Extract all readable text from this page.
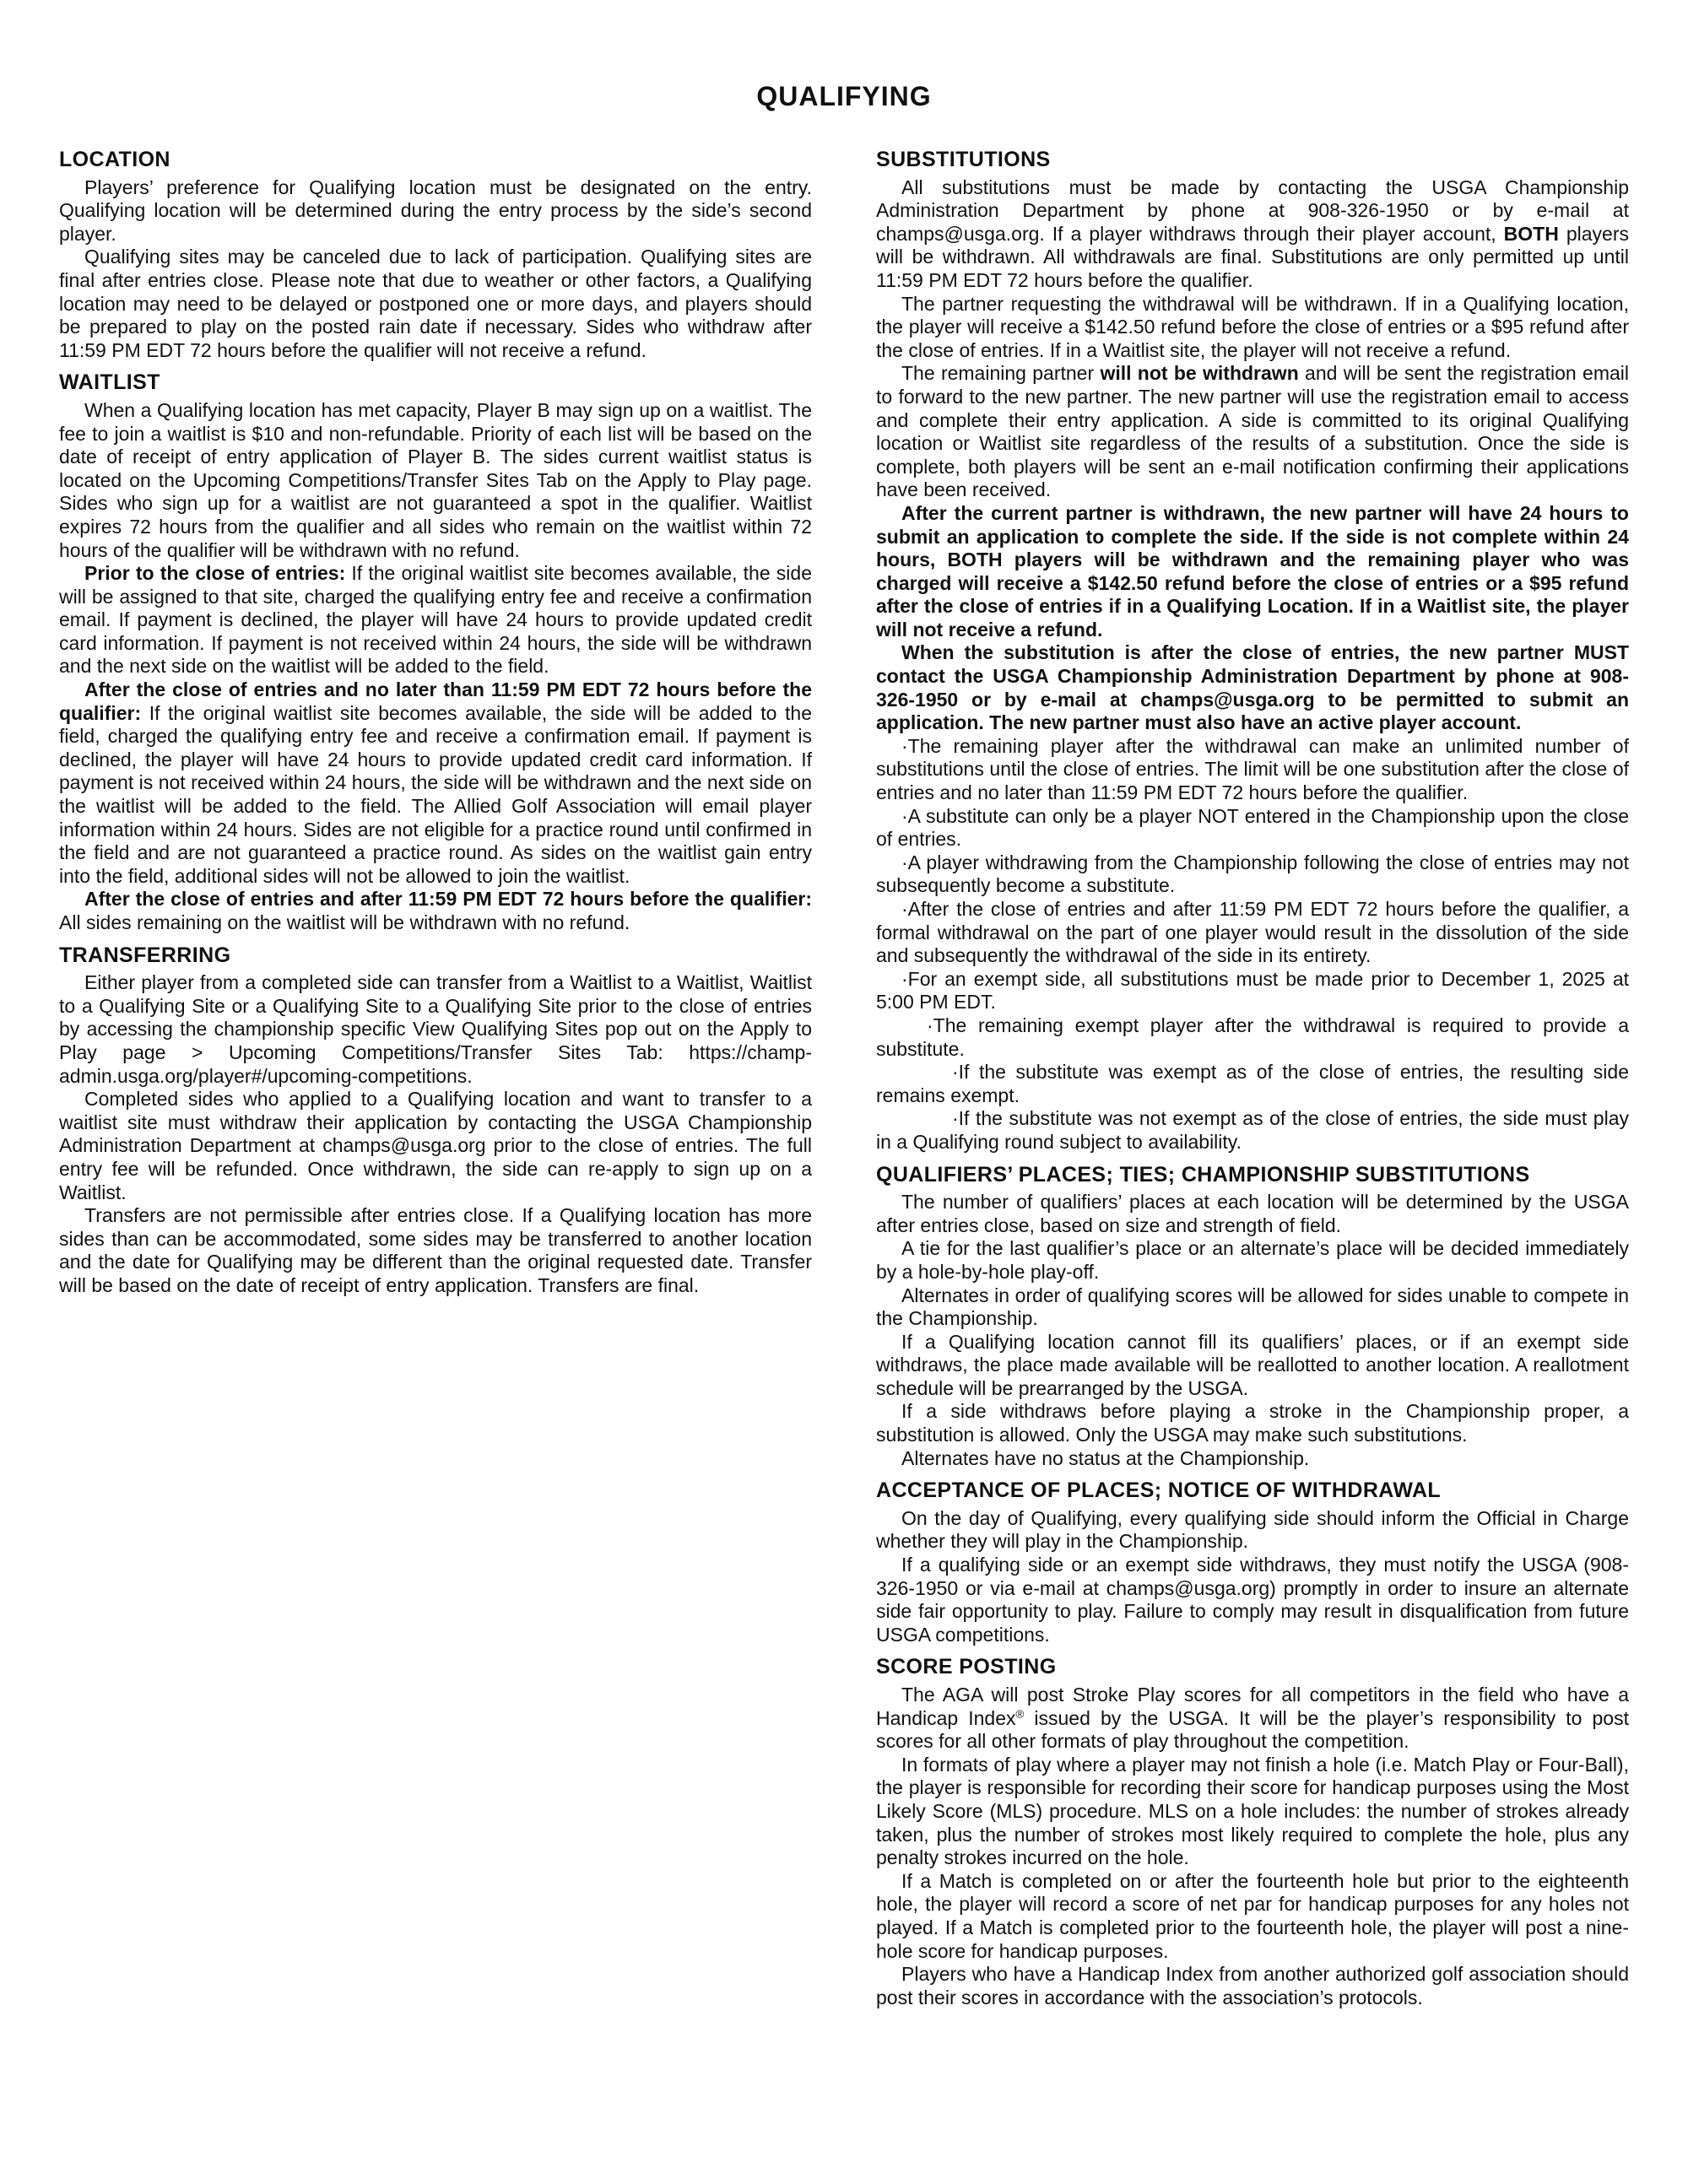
QUALIFYING
LOCATION

Players’ preference for Qualifying location must be designated on the entry. Qualifying location will be determined during the entry process by the side’s second player.

Qualifying sites may be canceled due to lack of participation. Qualifying sites are final after entries close. Please note that due to weather or other factors, a Qualifying location may need to be delayed or postponed one or more days, and players should be prepared to play on the posted rain date if necessary. Sides who withdraw after 11:59 PM EDT 72 hours before the qualifier will not receive a refund.

WAITLIST

When a Qualifying location has met capacity, Player B may sign up on a waitlist. The fee to join a waitlist is $10 and non-refundable. Priority of each list will be based on the date of receipt of entry application of Player B. The sides current waitlist status is located on the Upcoming Competitions/Transfer Sites Tab on the Apply to Play page. Sides who sign up for a waitlist are not guaranteed a spot in the qualifier. Waitlist expires 72 hours from the qualifier and all sides who remain on the waitlist within 72 hours of the qualifier will be withdrawn with no refund.

Prior to the close of entries: If the original waitlist site becomes available, the side will be assigned to that site, charged the qualifying entry fee and receive a confirmation email. If payment is declined, the player will have 24 hours to provide updated credit card information. If payment is not received within 24 hours, the side will be withdrawn and the next side on the waitlist will be added to the field.

After the close of entries and no later than 11:59 PM EDT 72 hours before the qualifier: If the original waitlist site becomes available, the side will be added to the field, charged the qualifying entry fee and receive a confirmation email. If payment is declined, the player will have 24 hours to provide updated credit card information. If payment is not received within 24 hours, the side will be withdrawn and the next side on the waitlist will be added to the field. The Allied Golf Association will email player information within 24 hours. Sides are not eligible for a practice round until confirmed in the field and are not guaranteed a practice round. As sides on the waitlist gain entry into the field, additional sides will not be allowed to join the waitlist.

After the close of entries and after 11:59 PM EDT 72 hours before the qualifier: All sides remaining on the waitlist will be withdrawn with no refund.

TRANSFERRING

Either player from a completed side can transfer from a Waitlist to a Waitlist, Waitlist to a Qualifying Site or a Qualifying Site to a Qualifying Site prior to the close of entries by accessing the championship specific View Qualifying Sites pop out on the Apply to Play page > Upcoming Competitions/Transfer Sites Tab: https://champ-admin.usga.org/player#/upcoming-competitions.

Completed sides who applied to a Qualifying location and want to transfer to a waitlist site must withdraw their application by contacting the USGA Championship Administration Department at champs@usga.org prior to the close of entries. The full entry fee will be refunded. Once withdrawn, the side can re-apply to sign up on a Waitlist.

Transfers are not permissible after entries close. If a Qualifying location has more sides than can be accommodated, some sides may be transferred to another location and the date for Qualifying may be different than the original requested date. Transfer will be based on the date of receipt of entry application. Transfers are final.

SUBSTITUTIONS

All substitutions must be made by contacting the USGA Championship Administration Department by phone at 908-326-1950 or by e-mail at champs@usga.org. If a player withdraws through their player account, BOTH players will be withdrawn. All withdrawals are final. Substitutions are only permitted up until 11:59 PM EDT 72 hours before the qualifier.

The partner requesting the withdrawal will be withdrawn. If in a Qualifying location, the player will receive a $142.50 refund before the close of entries or a $95 refund after the close of entries. If in a Waitlist site, the player will not receive a refund.

The remaining partner will not be withdrawn and will be sent the registration email to forward to the new partner. The new partner will use the registration email to access and complete their entry application. A side is committed to its original Qualifying location or Waitlist site regardless of the results of a substitution. Once the side is complete, both players will be sent an e-mail notification confirming their applications have been received.

After the current partner is withdrawn, the new partner will have 24 hours to submit an application to complete the side. If the side is not complete within 24 hours, BOTH players will be withdrawn and the remaining player who was charged will receive a $142.50 refund before the close of entries or a $95 refund after the close of entries if in a Qualifying Location. If in a Waitlist site, the player will not receive a refund.

When the substitution is after the close of entries, the new partner MUST contact the USGA Championship Administration Department by phone at 908-326-1950 or by e-mail at champs@usga.org to be permitted to submit an application. The new partner must also have an active player account.

·The remaining player after the withdrawal can make an unlimited number of substitutions until the close of entries. The limit will be one substitution after the close of entries and no later than 11:59 PM EDT 72 hours before the qualifier.

·A substitute can only be a player NOT entered in the Championship upon the close of entries.

·A player withdrawing from the Championship following the close of entries may not subsequently become a substitute.

·After the close of entries and after 11:59 PM EDT 72 hours before the qualifier, a formal withdrawal on the part of one player would result in the dissolution of the side and subsequently the withdrawal of the side in its entirety.

·For an exempt side, all substitutions must be made prior to December 1, 2025 at 5:00 PM EDT.

·The remaining exempt player after the withdrawal is required to provide a substitute.

·If the substitute was exempt as of the close of entries, the resulting side remains exempt.

·If the substitute was not exempt as of the close of entries, the side must play in a Qualifying round subject to availability.

QUALIFIERS’ PLACES; TIES; CHAMPIONSHIP SUBSTITUTIONS

The number of qualifiers’ places at each location will be determined by the USGA after entries close, based on size and strength of field.

A tie for the last qualifier’s place or an alternate’s place will be decided immediately by a hole-by-hole play-off.

Alternates in order of qualifying scores will be allowed for sides unable to compete in the Championship.

If a Qualifying location cannot fill its qualifiers’ places, or if an exempt side withdraws, the place made available will be reallotted to another location. A reallotment schedule will be prearranged by the USGA.

If a side withdraws before playing a stroke in the Championship proper, a substitution is allowed. Only the USGA may make such substitutions.

Alternates have no status at the Championship.

ACCEPTANCE OF PLACES; NOTICE OF WITHDRAWAL

On the day of Qualifying, every qualifying side should inform the Official in Charge whether they will play in the Championship.

If a qualifying side or an exempt side withdraws, they must notify the USGA (908-326-1950 or via e-mail at champs@usga.org) promptly in order to insure an alternate side fair opportunity to play. Failure to comply may result in disqualification from future USGA competitions.

SCORE POSTING

The AGA will post Stroke Play scores for all competitors in the field who have a Handicap Index® issued by the USGA. It will be the player’s responsibility to post scores for all other formats of play throughout the competition.

In formats of play where a player may not finish a hole (i.e. Match Play or Four-Ball), the player is responsible for recording their score for handicap purposes using the Most Likely Score (MLS) procedure. MLS on a hole includes: the number of strokes already taken, plus the number of strokes most likely required to complete the hole, plus any penalty strokes incurred on the hole.

If a Match is completed on or after the fourteenth hole but prior to the eighteenth hole, the player will record a score of net par for handicap purposes for any holes not played. If a Match is completed prior to the fourteenth hole, the player will post a nine-hole score for handicap purposes.

Players who have a Handicap Index from another authorized golf association should post their scores in accordance with the association’s protocols.
